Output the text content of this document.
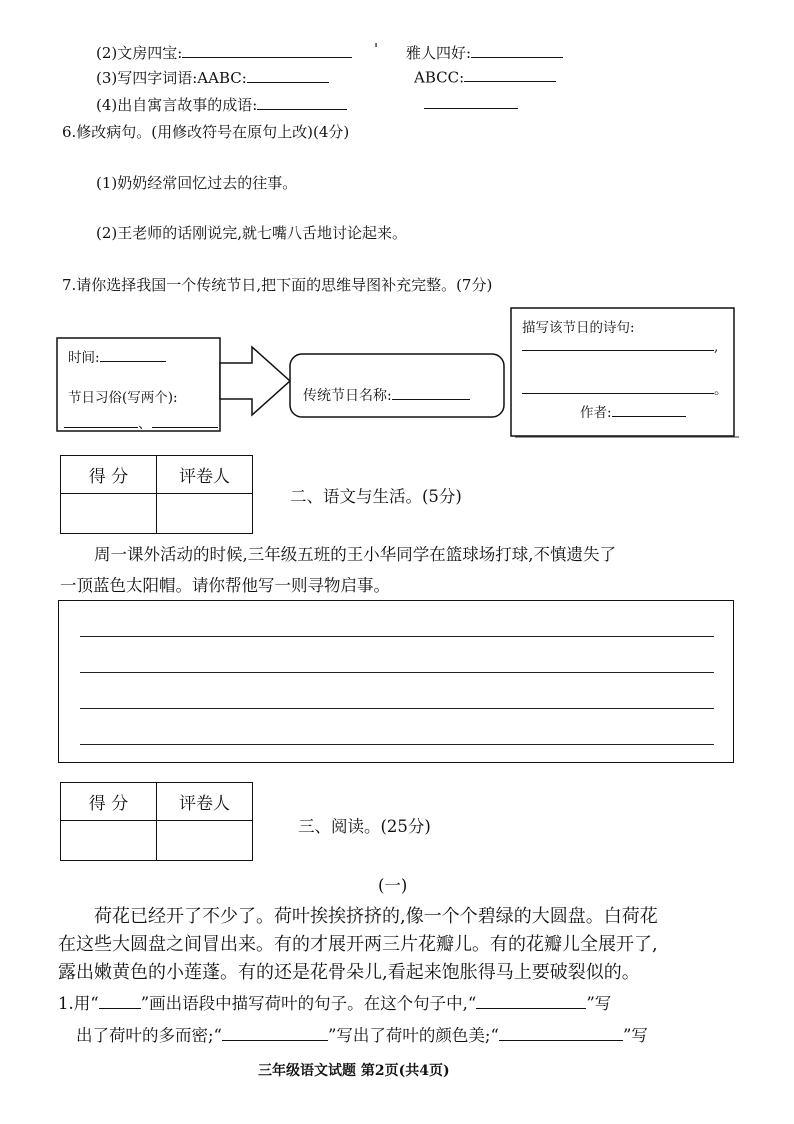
(2)文房四宝:	' 雅人四好:
(3)写四字词语:AABC:	ABCC:
(4)出自寓言故事的成语:
6.修改病句。(用修改符号在原句上改)(4分)
(1)奶奶经常回忆过去的往事。
(2)王老师的话刚说完,就七嘴八舌地讨论起来。
7.请你选择我国一个传统节日,把下面的思维导图补充完整。(7分)
时间:
节日习俗(写两个):
、
传统节日名称:
描写该节日的诗句:
,
。
作者:
得 分	评卷人

二、语文与生活。(5分)
周一课外活动的时候,三年级五班的王小华同学在篮球场打球,不慎遗失了
一顶蓝色太阳帽。请你帮他写一则寻物启事。
得 分	评卷人

三、阅读。(25分)
(一)
荷花已经开了不少了。荷叶挨挨挤挤的,像一个个碧绿的大圆盘。白荷花
在这些大圆盘之间冒出来。有的才展开两三片花瓣儿。有的花瓣儿全展开了,
露出嫩黄色的小莲蓬。有的还是花骨朵儿,看起来饱胀得马上要破裂似的。
1.用“	”画出语段中描写荷叶的句子。在这个句子中,“	”写
出了荷叶的多而密;“	”写出了荷叶的颜色美;“	”写
三年级语文试题 第2页(共4页)
